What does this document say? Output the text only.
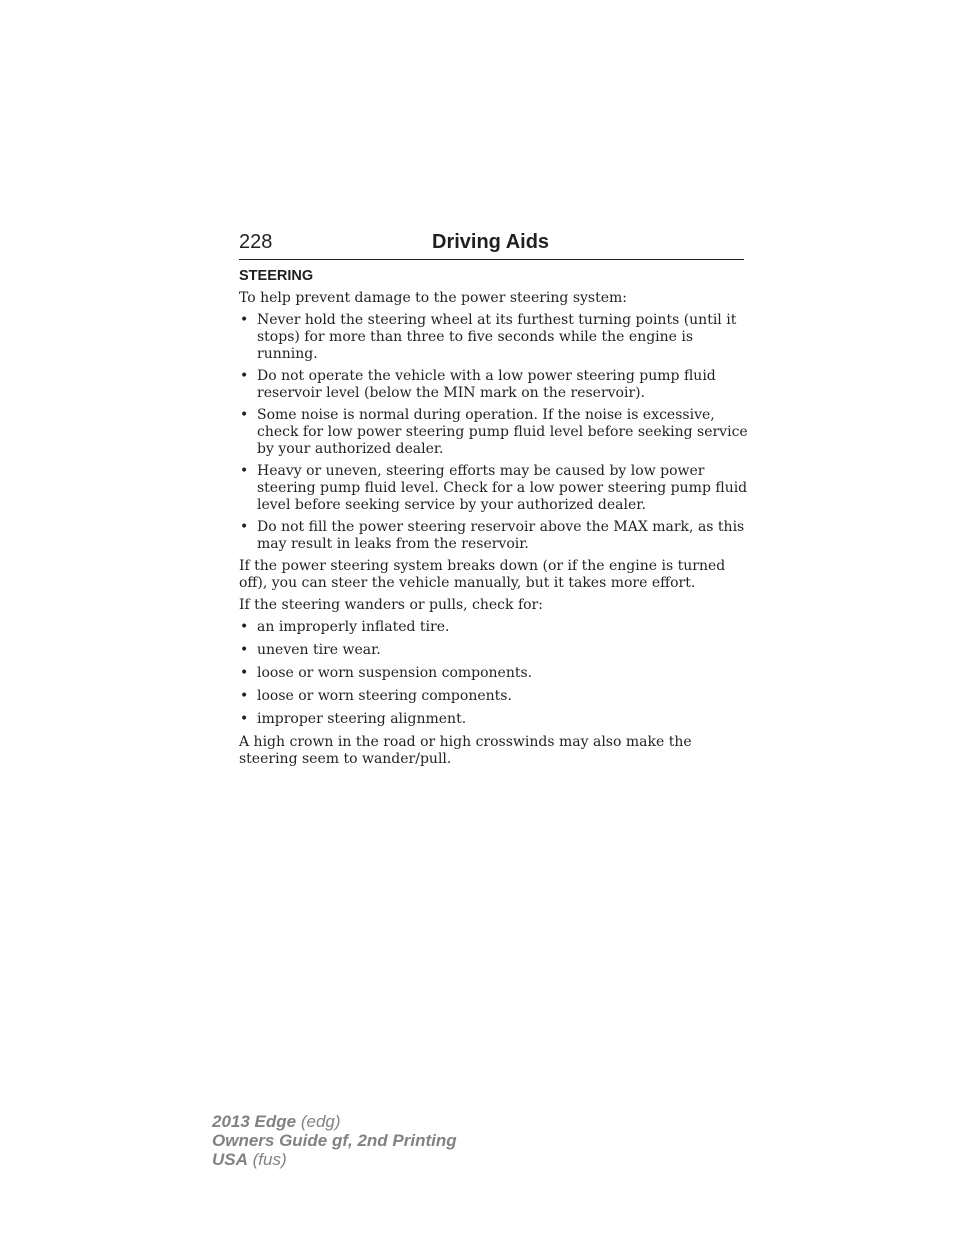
228	Driving Aids
STEERING

To help prevent damage to the power steering system:

• Never hold the steering wheel at its furthest turning points (until it stops) for more than three to five seconds while the engine is running.
• Do not operate the vehicle with a low power steering pump fluid reservoir level (below the MIN mark on the reservoir).
• Some noise is normal during operation. If the noise is excessive, check for low power steering pump fluid level before seeking service by your authorized dealer.
• Heavy or uneven, steering efforts may be caused by low power steering pump fluid level. Check for a low power steering pump fluid level before seeking service by your authorized dealer.
• Do not fill the power steering reservoir above the MAX mark, as this may result in leaks from the reservoir.

If the power steering system breaks down (or if the engine is turned off), you can steer the vehicle manually, but it takes more effort.

If the steering wanders or pulls, check for:

• an improperly inflated tire.
• uneven tire wear.
• loose or worn suspension components.
• loose or worn steering components.
• improper steering alignment.

A high crown in the road or high crosswinds may also make the steering seem to wander/pull.

2013 Edge (edg)
Owners Guide gf, 2nd Printing
USA (fus)
